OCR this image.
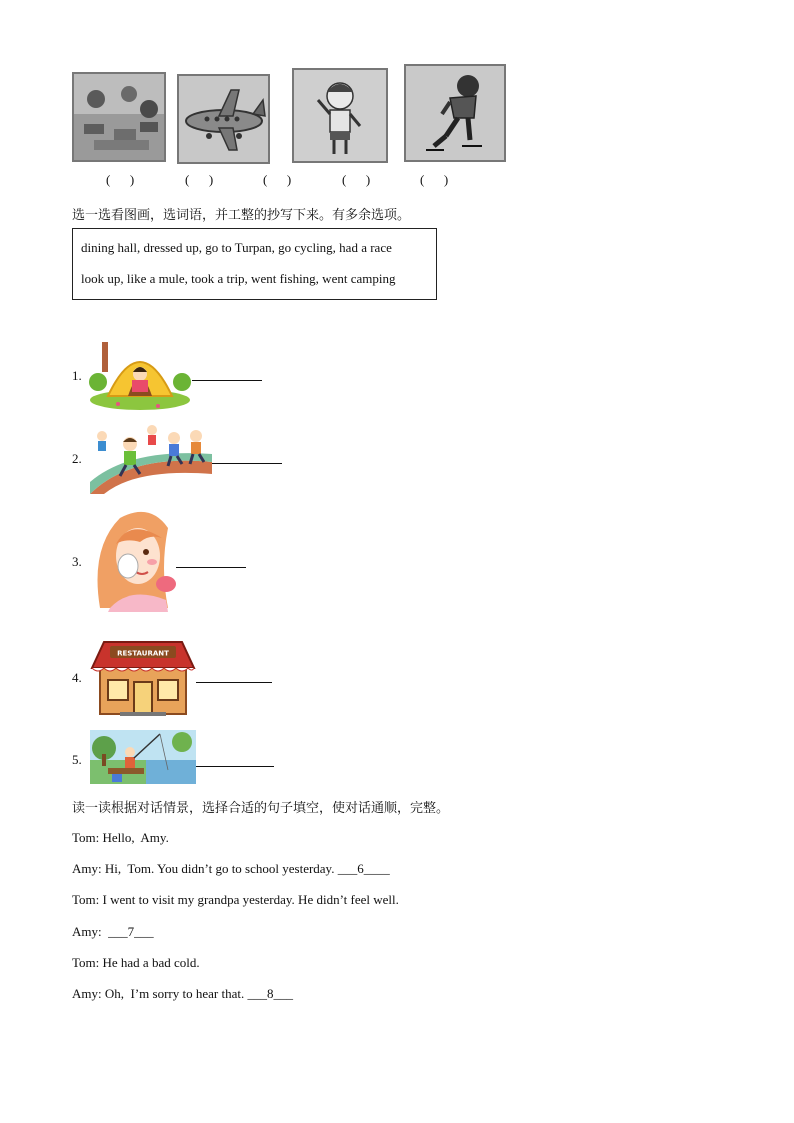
(      )	(      )	(      )	(      )	(      )
选一选看图画，选词语，并工整的抄写下来。有多余选项。
dining hall, dressed up, go to Turpan, go cycling, had a race
look up, like a mule, took a trip, went fishing, went camping
1.
2.
3.
4.
RESTAURANT
5.
读一读根据对话情景，选择合适的句子填空，使对话通顺，完整。
Tom: Hello,  Amy.
Amy: Hi,  Tom. You didn’t go to school yesterday. ___6____
Tom: I went to visit my grandpa yesterday. He didn’t feel well.
Amy:  ___7___
Tom: He had a bad cold.
Amy: Oh,  I’m sorry to hear that. ___8___
